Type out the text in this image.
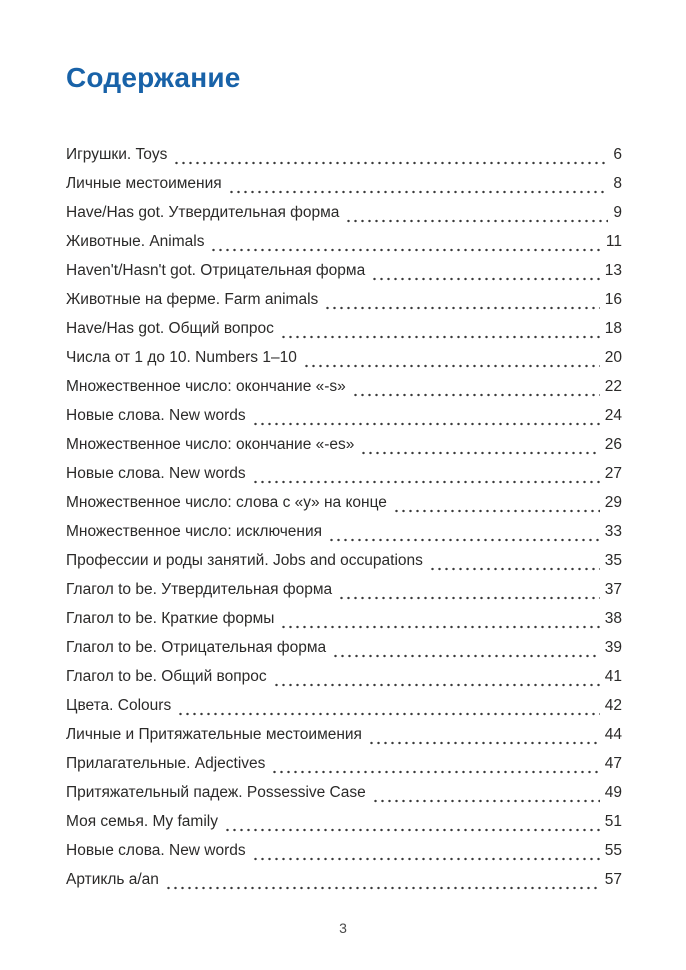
Содержание
Игрушки. Toys	6
Личные местоимения	8
Have/Has got. Утвердительная форма	9
Животные. Animals	11
Haven't/Hasn't got. Отрицательная форма	13
Животные на ферме. Farm animals	16
Have/Has got. Общий вопрос	18
Числа от 1 до 10. Numbers 1–10	20
Множественное число: окончание «-s»	22
Новые слова. New words	24
Множественное число: окончание «-es»	26
Новые слова. New words	27
Множественное число: слова с «y» на конце	29
Множественное число: исключения	33
Профессии и роды занятий. Jobs and occupations	35
Глагол to be. Утвердительная форма	37
Глагол to be. Краткие формы	38
Глагол to be. Отрицательная форма	39
Глагол to be. Общий вопрос	41
Цвета. Colours	42
Личные и Притяжательные местоимения	44
Прилагательные. Adjectives	47
Притяжательный падеж. Possessive Case	49
Моя семья. My family	51
Новые слова. New words	55
Артикль a/an	57
3
